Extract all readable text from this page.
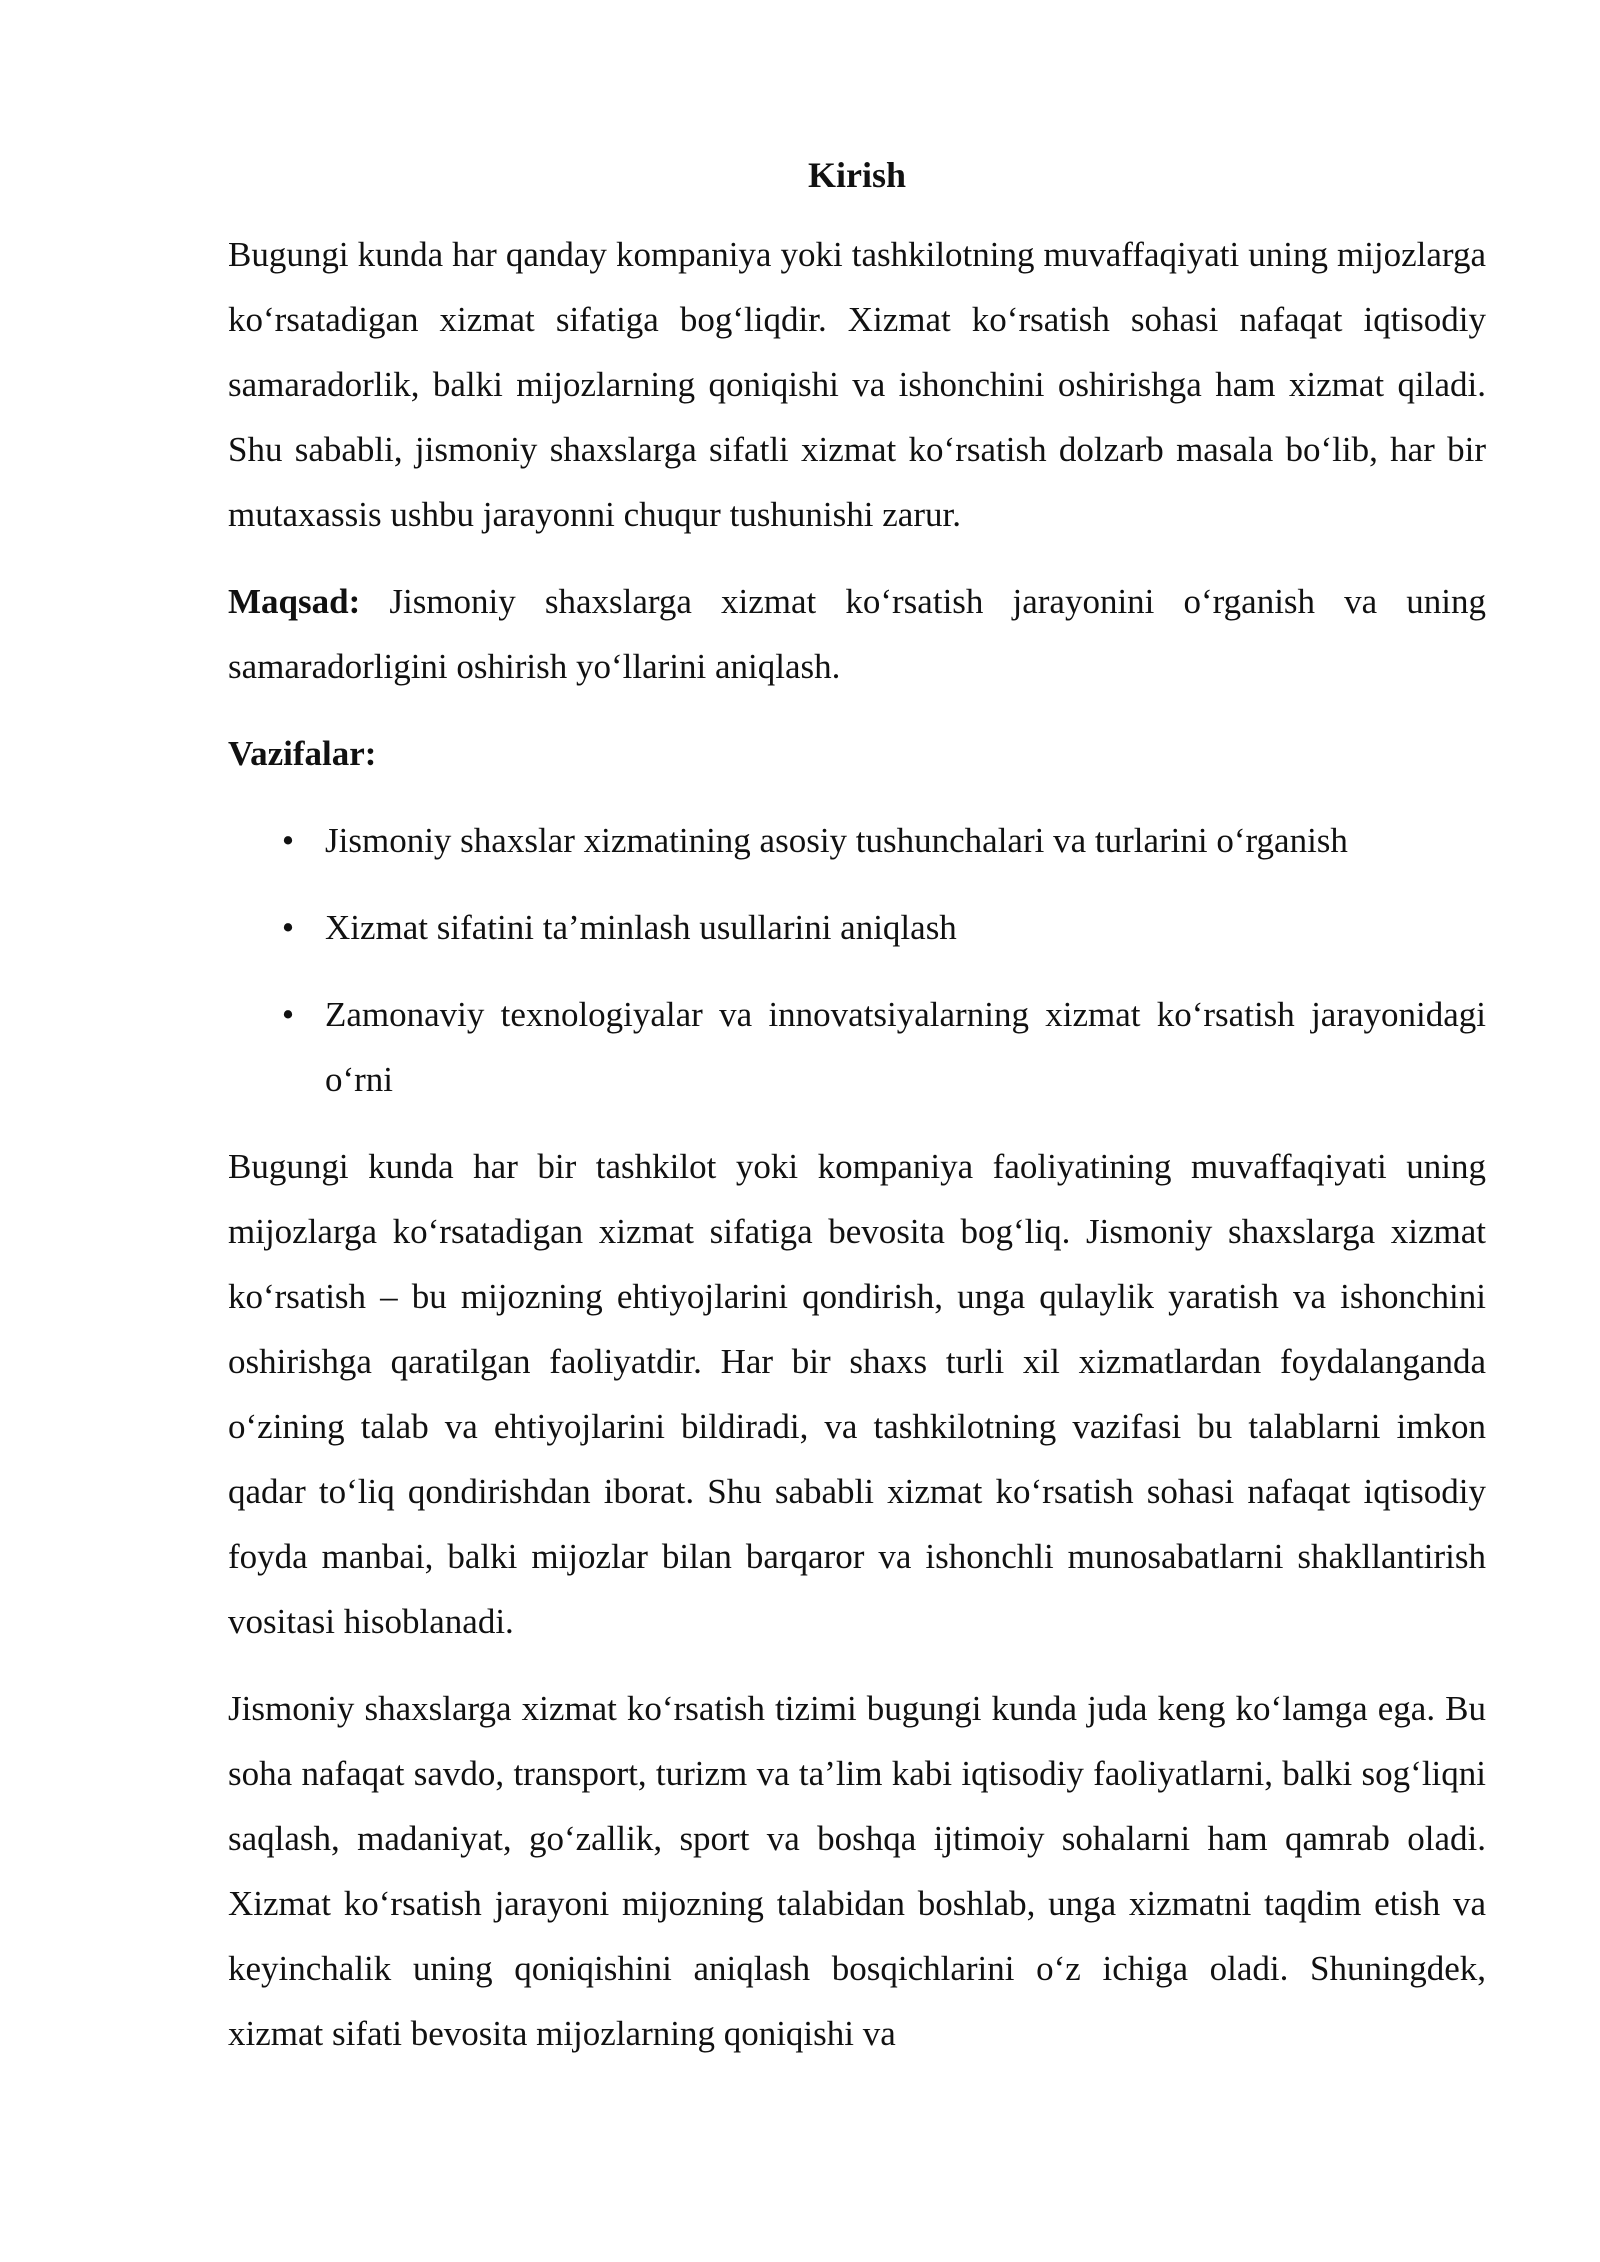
Kirish

Bugungi kunda har qanday kompaniya yoki tashkilotning muvaffaqiyati uning mijozlarga ko‘rsatadigan xizmat sifatiga bog‘liqdir. Xizmat ko‘rsatish sohasi nafaqat iqtisodiy samaradorlik, balki mijozlarning qoniqishi va ishonchini oshirishga ham xizmat qiladi. Shu sababli, jismoniy shaxslarga sifatli xizmat ko‘rsatish dolzarb masala bo‘lib, har bir mutaxassis ushbu jarayonni chuqur tushunishi zarur.

Maqsad: Jismoniy shaxslarga xizmat ko‘rsatish jarayonini o‘rganish va uning samaradorligini oshirish yo‘llarini aniqlash.

Vazifalar:
• Jismoniy shaxslar xizmatining asosiy tushunchalari va turlarini o‘rganish
• Xizmat sifatini ta’minlash usullarini aniqlash
• Zamonaviy texnologiyalar va innovatsiyalarning xizmat ko‘rsatish jarayonidagi o‘rni

Bugungi kunda har bir tashkilot yoki kompaniya faoliyatining muvaffaqiyati uning mijozlarga ko‘rsatadigan xizmat sifatiga bevosita bog‘liq. Jismoniy shaxslarga xizmat ko‘rsatish – bu mijozning ehtiyojlarini qondirish, unga qulaylik yaratish va ishonchini oshirishga qaratilgan faoliyatdir. Har bir shaxs turli xil xizmatlardan foydalanganda o‘zining talab va ehtiyojlarini bildiradi, va tashkilotning vazifasi bu talablarni imkon qadar to‘liq qondirishdan iborat. Shu sababli xizmat ko‘rsatish sohasi nafaqat iqtisodiy foyda manbai, balki mijozlar bilan barqaror va ishonchli munosabatlarni shakllantirish vositasi hisoblanadi.

Jismoniy shaxslarga xizmat ko‘rsatish tizimi bugungi kunda juda keng ko‘lamga ega. Bu soha nafaqat savdo, transport, turizm va ta’lim kabi iqtisodiy faoliyatlarni, balki sog‘liqni saqlash, madaniyat, go‘zallik, sport va boshqa ijtimoiy sohalarni ham qamrab oladi. Xizmat ko‘rsatish jarayoni mijozning talabidan boshlab, unga xizmatni taqdim etish va keyinchalik uning qoniqishini aniqlash bosqichlarini o‘z ichiga oladi. Shuningdek, xizmat sifati bevosita mijozlarning qoniqishi va
